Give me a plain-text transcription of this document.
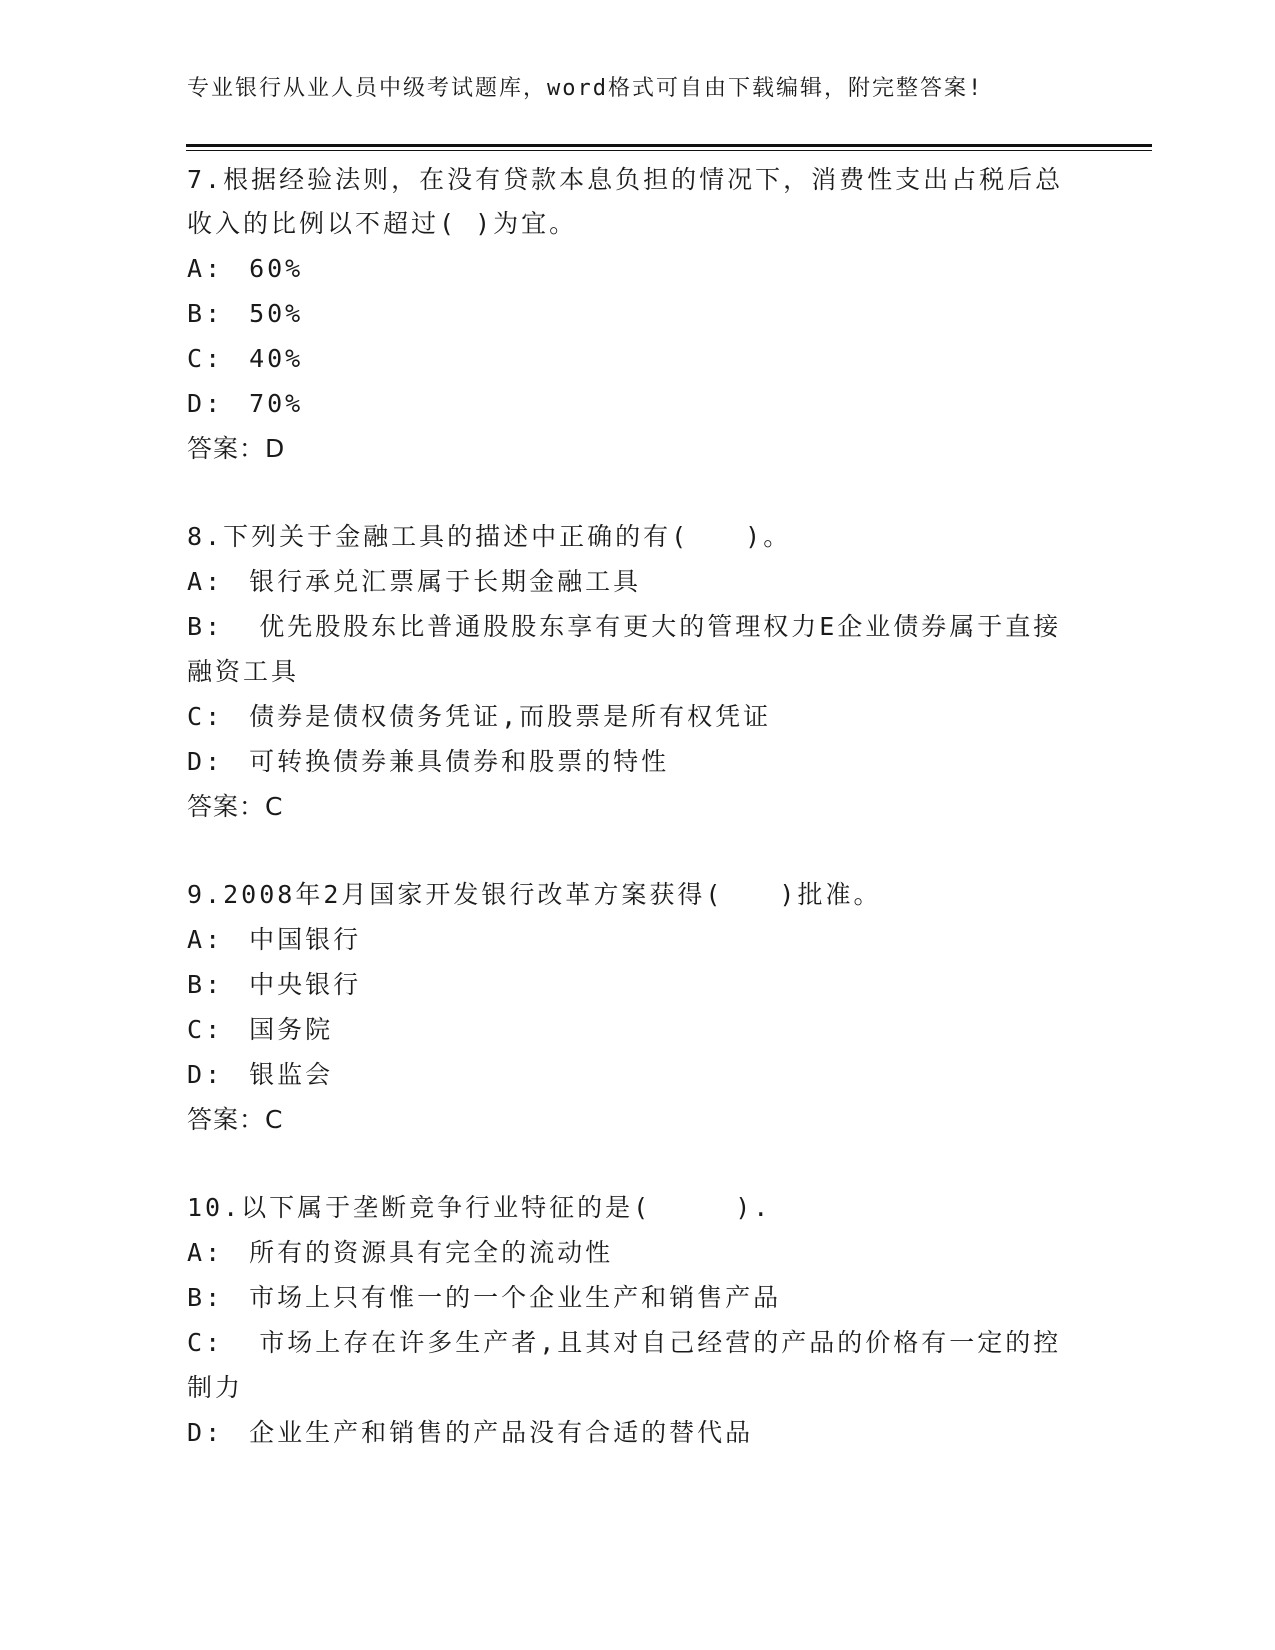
专业银行从业人员中级考试题库，word格式可自由下载编辑，附完整答案!
7.根据经验法则，在没有贷款本息负担的情况下，消费性支出占税后总收入的比例以不超过( )为宜。
A :	60%
B :	50%
C :	40%
D :	70%
答案：D
8.下列关于金融工具的描述中正确的有(　　)。
A :	银行承兑汇票属于长期金融工具
B:  优先股股东比普通股股东享有更大的管理权力E企业债券属于直接融资工具
C :	债券是债权债务凭证,而股票是所有权凭证
D :	可转换债券兼具债券和股票的特性
答案：C
9.2008年2月国家开发银行改革方案获得(　　)批准。
A :	中国银行
B :	中央银行
C :	国务院
D :	银监会
答案：C
10.以下属于垄断竞争行业特征的是(　　　).
A :	所有的资源具有完全的流动性
B :	市场上只有惟一的一个企业生产和销售产品
C:  市场上存在许多生产者,且其对自己经营的产品的价格有一定的控制力
D :	企业生产和销售的产品没有合适的替代品
